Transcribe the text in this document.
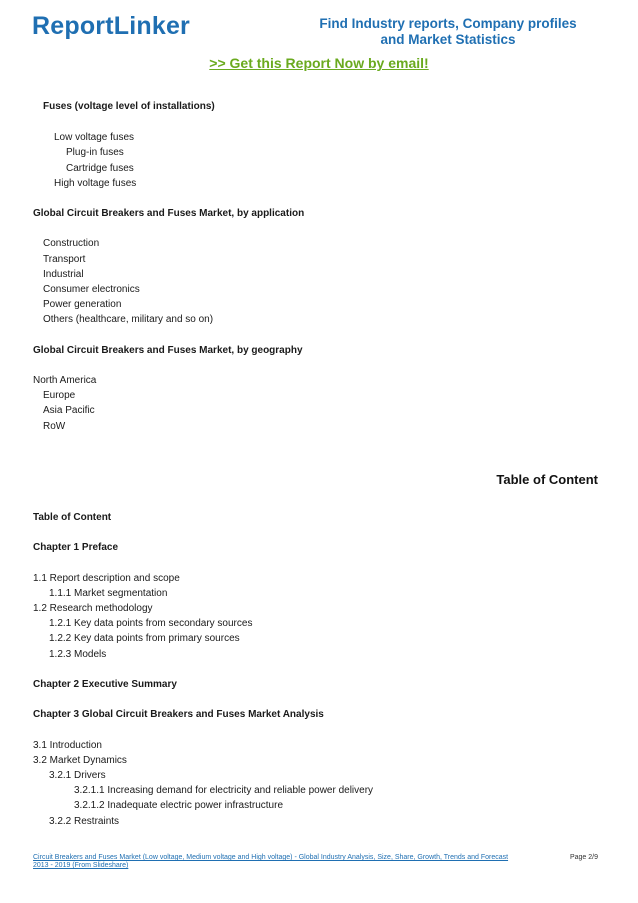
ReportLinker	Find Industry reports, Company profiles
and Market Statistics
>> Get this Report Now by email!
Fuses (voltage level of installations)
Low voltage fuses
Plug-in fuses
Cartridge fuses
High voltage fuses
Global Circuit Breakers and Fuses Market, by application
Construction
Transport
Industrial
Consumer electronics
Power generation
Others (healthcare, military and so on)
Global Circuit Breakers and Fuses Market, by geography
North America
Europe
Asia Pacific
RoW
Table of Content
Chapter 1 Preface
1.1 Report description and scope
1.1.1 Market segmentation
1.2 Research methodology
1.2.1 Key data points from secondary sources
1.2.2 Key data points from primary sources
1.2.3 Models
Chapter 2 Executive Summary
Chapter 3 Global Circuit Breakers and Fuses Market Analysis
3.1 Introduction
3.2 Market Dynamics
3.2.1 Drivers
3.2.1.1 Increasing demand for electricity and reliable power delivery
3.2.1.2 Inadequate electric power infrastructure
3.2.2 Restraints
Table of Content
Circuit Breakers and Fuses Market (Low voltage, Medium voltage and High voltage) - Global Industry Analysis, Size, Share, Growth, Trends and Forecast 2013 - 2019 (From Slideshare)
Page 2/9
